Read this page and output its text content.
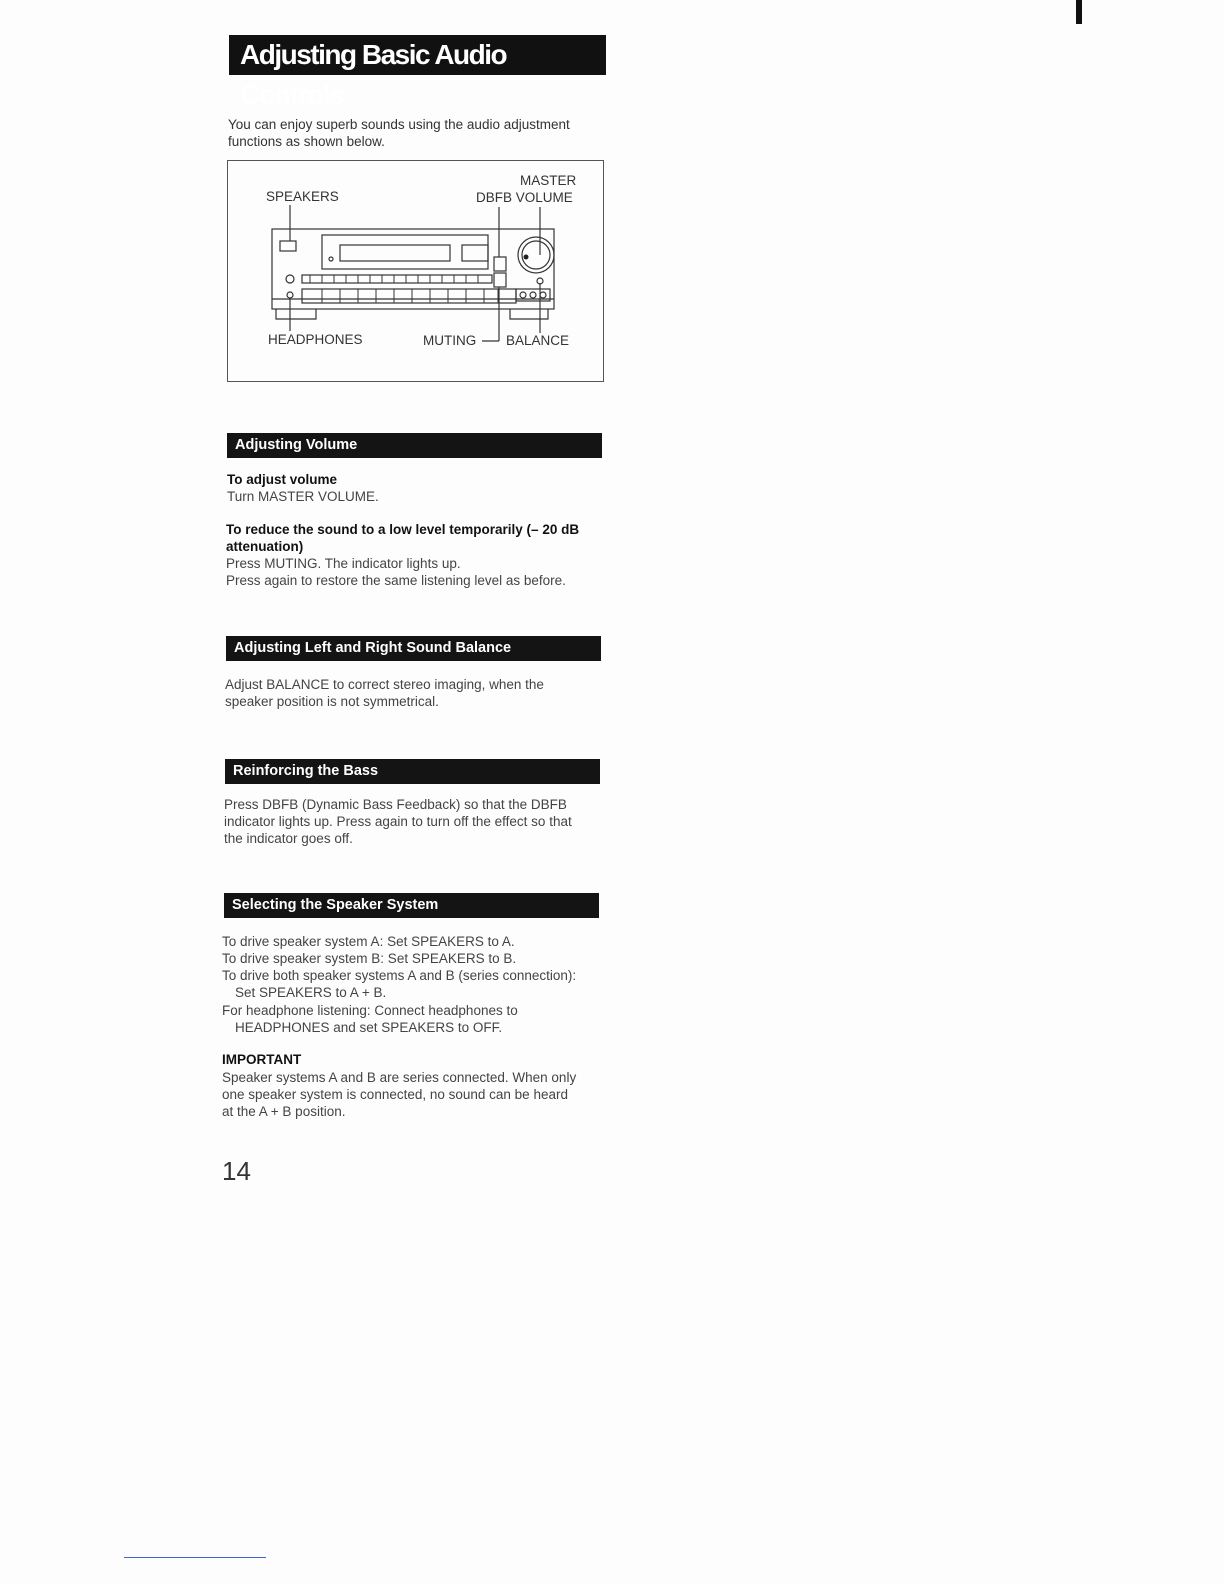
Adjusting Basic Audio Controls

You can enjoy superb sounds using the audio adjustment functions as shown below.

SPEAKERS
MASTER
DBFB VOLUME
HEADPHONES	MUTING BALANCE
Adjusting Volume

To adjust volume

Turn MASTER VOLUME.

To reduce the sound to a low level temporarily (– 20 dB

attenuation)

Press MUTING. The indicator lights up.

Press again to restore the same listening level as before.

Adjusting Left and Right Sound Balance

Adjust BALANCE to correct stereo imaging, when the

speaker position is not symmetrical.

Reinforcing the Bass

Press DBFB (Dynamic Bass Feedback) so that the DBFB

indicator lights up. Press again to turn off the effect so that

the indicator goes off.

Selecting the Speaker System

To drive speaker system A: Set SPEAKERS to A.

To drive speaker system B: Set SPEAKERS to B.

To drive both speaker systems A and B (series connection):

Set SPEAKERS to A + B.

For headphone listening: Connect headphones to

HEADPHONES and set SPEAKERS to OFF.

IMPORTANT

Speaker systems A and B are series connected. When only

one speaker system is connected, no sound can be heard

at the A + B position.

14
